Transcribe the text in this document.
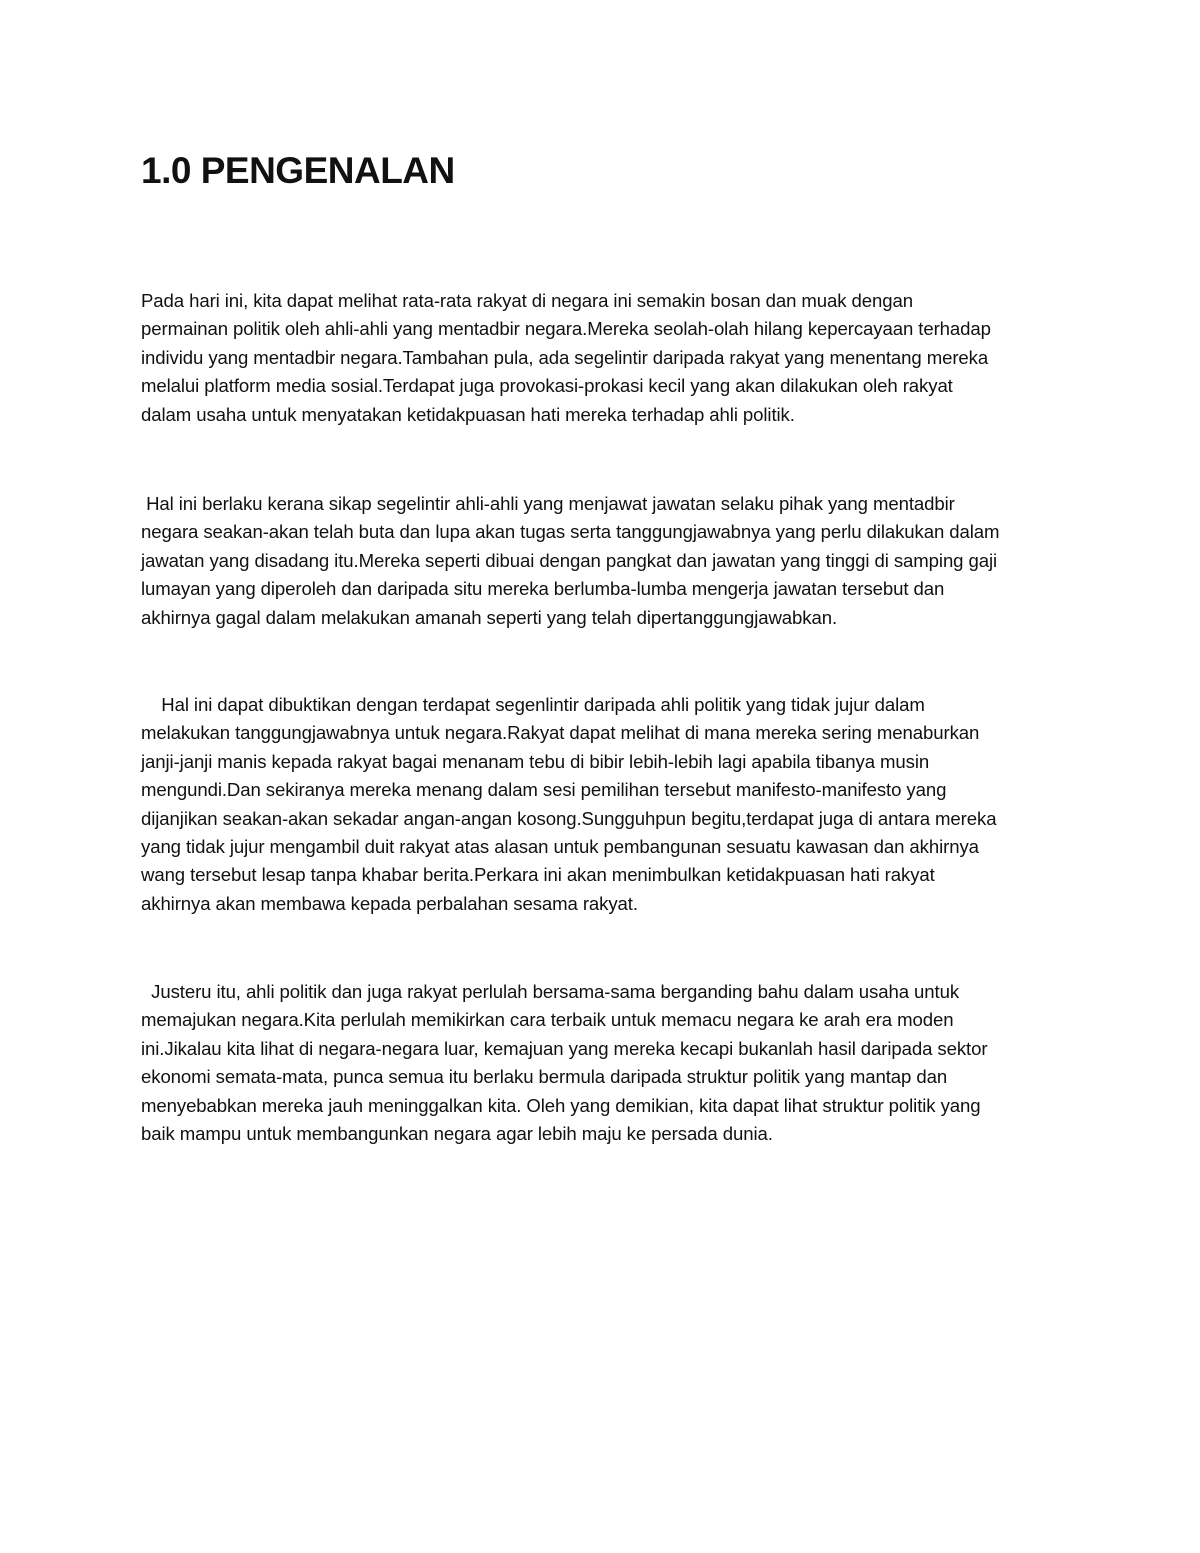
1.0 PENGENALAN

Pada hari ini, kita dapat melihat rata-rata rakyat di negara ini semakin bosan dan muak dengan
permainan politik oleh ahli-ahli yang mentadbir negara.Mereka seolah-olah hilang kepercayaan terhadap
individu yang mentadbir negara.Tambahan pula, ada segelintir daripada rakyat yang menentang mereka
melalui platform media sosial.Terdapat juga provokasi-prokasi kecil yang akan dilakukan oleh rakyat
dalam usaha untuk menyatakan ketidakpuasan hati mereka terhadap ahli politik.

Hal ini berlaku kerana sikap segelintir ahli-ahli yang menjawat jawatan selaku pihak yang mentadbir
negara seakan-akan telah buta dan lupa akan tugas serta tanggungjawabnya yang perlu dilakukan dalam
jawatan yang disadang itu.Mereka seperti dibuai dengan pangkat dan jawatan yang tinggi di samping gaji
lumayan yang diperoleh dan daripada situ mereka berlumba-lumba mengerja jawatan tersebut dan
akhirnya gagal dalam melakukan amanah seperti yang telah dipertanggungjawabkan.

Hal ini dapat dibuktikan dengan terdapat segenlintir daripada ahli politik yang tidak jujur dalam
melakukan tanggungjawabnya untuk negara.Rakyat dapat melihat di mana mereka sering menaburkan
janji-janji manis kepada rakyat bagai menanam tebu di bibir lebih-lebih lagi apabila tibanya musin
mengundi.Dan sekiranya mereka menang dalam sesi pemilihan tersebut manifesto-manifesto yang
dijanjikan seakan-akan sekadar angan-angan kosong.Sungguhpun begitu,terdapat juga di antara mereka
yang tidak jujur mengambil duit rakyat atas alasan untuk pembangunan sesuatu kawasan dan akhirnya
wang tersebut lesap tanpa khabar berita.Perkara ini akan menimbulkan ketidakpuasan hati rakyat
akhirnya akan membawa kepada perbalahan sesama rakyat.

Justeru itu, ahli politik dan juga rakyat perlulah bersama-sama berganding bahu dalam usaha untuk
memajukan negara.Kita perlulah memikirkan cara terbaik untuk memacu negara ke arah era moden
ini.Jikalau kita lihat di negara-negara luar, kemajuan yang mereka kecapi bukanlah hasil daripada sektor
ekonomi semata-mata, punca semua itu berlaku bermula daripada struktur politik yang mantap dan
menyebabkan mereka jauh meninggalkan kita. Oleh yang demikian, kita dapat lihat struktur politik yang
baik mampu untuk membangunkan negara agar lebih maju ke persada dunia.
